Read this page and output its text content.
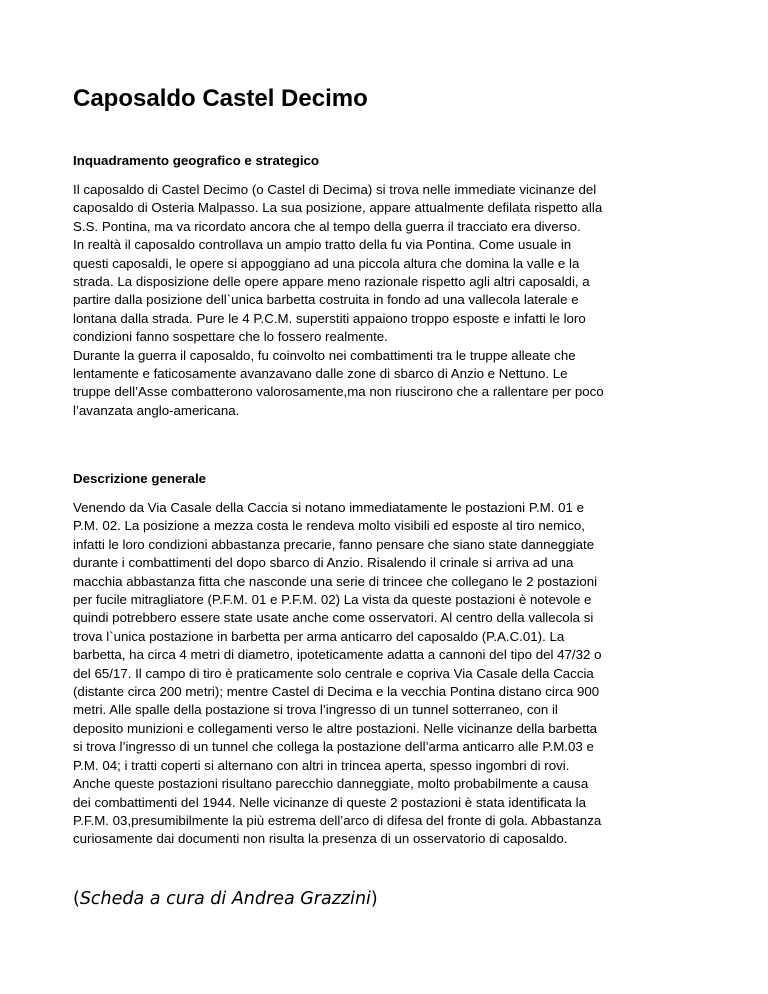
Caposaldo Castel Decimo
Inquadramento geografico e strategico
Il caposaldo di Castel Decimo (o Castel di Decima) si trova nelle immediate vicinanze del
caposaldo di Osteria Malpasso. La sua posizione, appare attualmente defilata rispetto alla
S.S. Pontina, ma va ricordato ancora che al tempo della guerra il tracciato era diverso.
In realtà il caposaldo controllava un ampio tratto della fu via Pontina. Come usuale in
questi caposaldi, le opere si appoggiano ad una piccola altura che domina la valle e la
strada. La disposizione delle opere appare meno razionale rispetto agli altri caposaldi, a
partire dalla posizione dell`unica barbetta costruita in fondo ad una vallecola laterale e
lontana dalla strada. Pure le 4 P.C.M. superstiti appaiono troppo esposte e infatti le loro
condizioni fanno sospettare che lo fossero realmente.
Durante la guerra il caposaldo, fu coinvolto nei combattimenti tra le truppe alleate che
lentamente e faticosamente avanzavano dalle zone di sbarco di Anzio e Nettuno. Le
truppe dell’Asse combatterono valorosamente,ma non riuscirono che a rallentare per poco
l’avanzata anglo-americana.
Descrizione generale
Venendo da Via Casale della Caccia si notano immediatamente le postazioni P.M. 01 e
P.M. 02. La posizione a mezza costa le rendeva molto visibili ed esposte al tiro nemico,
infatti le loro condizioni abbastanza precarie, fanno pensare che siano state danneggiate
durante i combattimenti del dopo sbarco di Anzio. Risalendo il crinale si arriva ad una
macchia abbastanza fitta che nasconde una serie di trincee che collegano le 2 postazioni
per fucile mitragliatore (P.F.M. 01 e P.F.M. 02) La vista da queste postazioni è notevole e
quindi potrebbero essere state usate anche come osservatori. Al centro della vallecola si
trova l`unica postazione in barbetta per arma anticarro del caposaldo (P.A.C.01). La
barbetta, ha circa 4 metri di diametro, ipoteticamente adatta a cannoni del tipo del 47/32 o
del 65/17. Il campo di tiro è praticamente solo centrale e copriva Via Casale della Caccia
(distante circa 200 metri); mentre Castel di Decima e la vecchia Pontina distano circa 900
metri. Alle spalle della postazione si trova l’ingresso di un tunnel sotterraneo, con il
deposito munizioni e collegamenti verso le altre postazioni. Nelle vicinanze della barbetta
si trova l’ingresso di un tunnel che collega la postazione dell’arma anticarro alle P.M.03 e
P.M. 04; i tratti coperti si alternano con altri in trincea aperta, spesso ingombri di rovi.
Anche queste postazioni risultano parecchio danneggiate, molto probabilmente a causa
dei combattimenti del 1944. Nelle vicinanze di queste 2 postazioni è stata identificata la
P.F.M. 03,presumibilmente la più estrema dell’arco di difesa del fronte di gola. Abbastanza
curiosamente dai documenti non risulta la presenza di un osservatorio di caposaldo.

(Scheda a cura di Andrea Grazzini)
